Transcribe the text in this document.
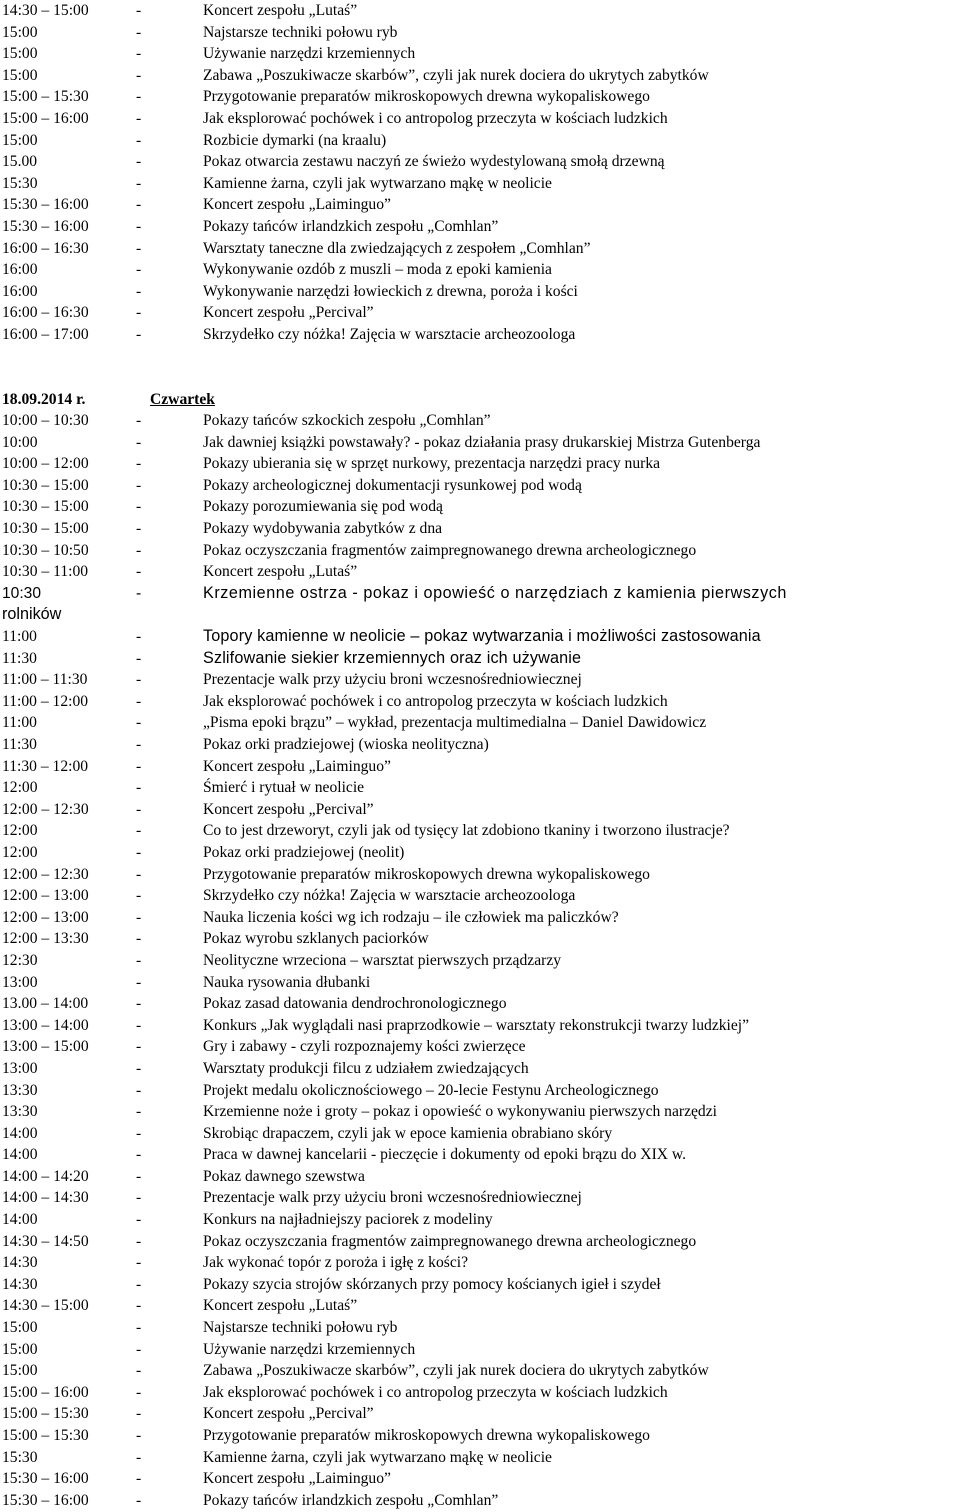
14:30 – 15:00	-	Koncert zespołu „Lutaś”
15:00	-	Najstarsze techniki połowu ryb
15:00	-	Używanie narzędzi krzemiennych
15:00	-	Zabawa „Poszukiwacze skarbów”, czyli jak nurek dociera do ukrytych zabytków
15:00 – 15:30	-	Przygotowanie preparatów mikroskopowych drewna wykopaliskowego
15:00 – 16:00	-	Jak eksplorować pochówek i co antropolog przeczyta w kościach ludzkich
15:00	-	Rozbicie dymarki (na kraalu)
15.00	-	Pokaz otwarcia zestawu naczyń ze świeżo wydestylowaną smołą drzewną
15:30	-	Kamienne żarna, czyli jak wytwarzano mąkę w neolicie
15:30 – 16:00	-	Koncert zespołu „Laiminguo”
15:30 – 16:00	-	Pokazy tańców irlandzkich zespołu „Comhlan”
16:00 – 16:30	-	Warsztaty taneczne dla zwiedzających z zespołem „Comhlan”
16:00	-	Wykonywanie ozdób z muszli – moda z epoki kamienia
16:00	-	Wykonywanie narzędzi łowieckich z drewna, poroża i kości
16:00 – 16:30	-	Koncert zespołu „Percival”
16:00 – 17:00	-	Skrzydełko czy nóżka! Zajęcia w warsztacie archeozoologa
18.09.2014 r.	Czwartek
10:00 – 10:30	-	Pokazy tańców szkockich zespołu „Comhlan”
10:00	-	Jak dawniej książki powstawały? - pokaz działania prasy drukarskiej Mistrza Gutenberga
10:00 – 12:00	-	Pokazy ubierania się w sprzęt nurkowy, prezentacja narzędzi pracy nurka
10:30 – 15:00	-	Pokazy archeologicznej dokumentacji rysunkowej pod wodą
10:30 – 15:00	-	Pokazy porozumiewania się pod wodą
10:30 – 15:00	-	Pokazy wydobywania zabytków z dna
10:30 – 10:50	-	Pokaz oczyszczania fragmentów zaimpregnowanego drewna archeologicznego
10:30 – 11:00	-	Koncert zespołu „Lutaś”
10:30	-	Krzemienne ostrza - pokaz i opowieść o narzędziach z kamienia pierwszych
rolników
11:00	-	Topory kamienne w neolicie – pokaz wytwarzania i możliwości zastosowania
11:30	-	Szlifowanie siekier krzemiennych oraz ich używanie
11:00 – 11:30	-	Prezentacje walk przy użyciu broni wczesnośredniowiecznej
11:00 – 12:00	-	Jak eksplorować pochówek i co antropolog przeczyta w kościach ludzkich
11:00	-	„Pisma epoki brązu” – wykład, prezentacja multimedialna – Daniel Dawidowicz
11:30	-	Pokaz orki pradziejowej (wioska neolityczna)
11:30 – 12:00	-	Koncert zespołu „Laiminguo”
12:00	-	Śmierć i rytuał w neolicie
12:00 – 12:30	-	Koncert zespołu „Percival”
12:00	-	Co to jest drzeworyt, czyli jak od tysięcy lat zdobiono tkaniny i tworzono ilustracje?
12:00	-	Pokaz orki pradziejowej (neolit)
12:00 – 12:30	-	Przygotowanie preparatów mikroskopowych drewna wykopaliskowego
12:00 – 13:00	-	Skrzydełko czy nóżka! Zajęcia w warsztacie archeozoologa
12:00 – 13:00	-	Nauka liczenia kości wg ich rodzaju – ile człowiek ma paliczków?
12:00 – 13:30	-	Pokaz wyrobu szklanych paciorków
12:30	-	Neolityczne wrzeciona – warsztat pierwszych prządzarzy
13:00	-	Nauka rysowania dłubanki
13.00 – 14:00	-	Pokaz zasad datowania dendrochronologicznego
13:00 – 14:00	-	Konkurs „Jak wyglądali nasi praprzodkowie – warsztaty rekonstrukcji twarzy ludzkiej”
13:00 – 15:00	-	Gry i zabawy - czyli rozpoznajemy kości zwierzęce
13:00	-	Warsztaty produkcji filcu z udziałem zwiedzających
13:30	-	Projekt medalu okolicznościowego – 20-lecie Festynu Archeologicznego
13:30	-	Krzemienne noże i groty – pokaz i opowieść o wykonywaniu pierwszych narzędzi
14:00	-	Skrobiąc drapaczem, czyli jak w epoce kamienia obrabiano skóry
14:00	-	Praca w dawnej kancelarii - pieczęcie i dokumenty od epoki brązu do XIX w.
14:00 – 14:20	-	Pokaz dawnego szewstwa
14:00 – 14:30	-	Prezentacje walk przy użyciu broni wczesnośredniowiecznej
14:00	-	Konkurs na najładniejszy paciorek z modeliny
14:30 – 14:50	-	Pokaz oczyszczania fragmentów zaimpregnowanego drewna archeologicznego
14:30	-	Jak wykonać topór z poroża i igłę z kości?
14:30	-	Pokazy szycia strojów skórzanych przy pomocy kościanych igieł i szydeł
14:30 – 15:00	-	Koncert zespołu „Lutaś”
15:00	-	Najstarsze techniki połowu ryb
15:00	-	Używanie narzędzi krzemiennych
15:00	-	Zabawa „Poszukiwacze skarbów”, czyli jak nurek dociera do ukrytych zabytków
15:00 – 16:00	-	Jak eksplorować pochówek i co antropolog przeczyta w kościach ludzkich
15:00 – 15:30	-	Koncert zespołu „Percival”
15:00 – 15:30	-	Przygotowanie preparatów mikroskopowych drewna wykopaliskowego
15:30	-	Kamienne żarna, czyli jak wytwarzano mąkę w neolicie
15:30 – 16:00	-	Koncert zespołu „Laiminguo”
15:30 – 16:00	-	Pokazy tańców irlandzkich zespołu „Comhlan”
